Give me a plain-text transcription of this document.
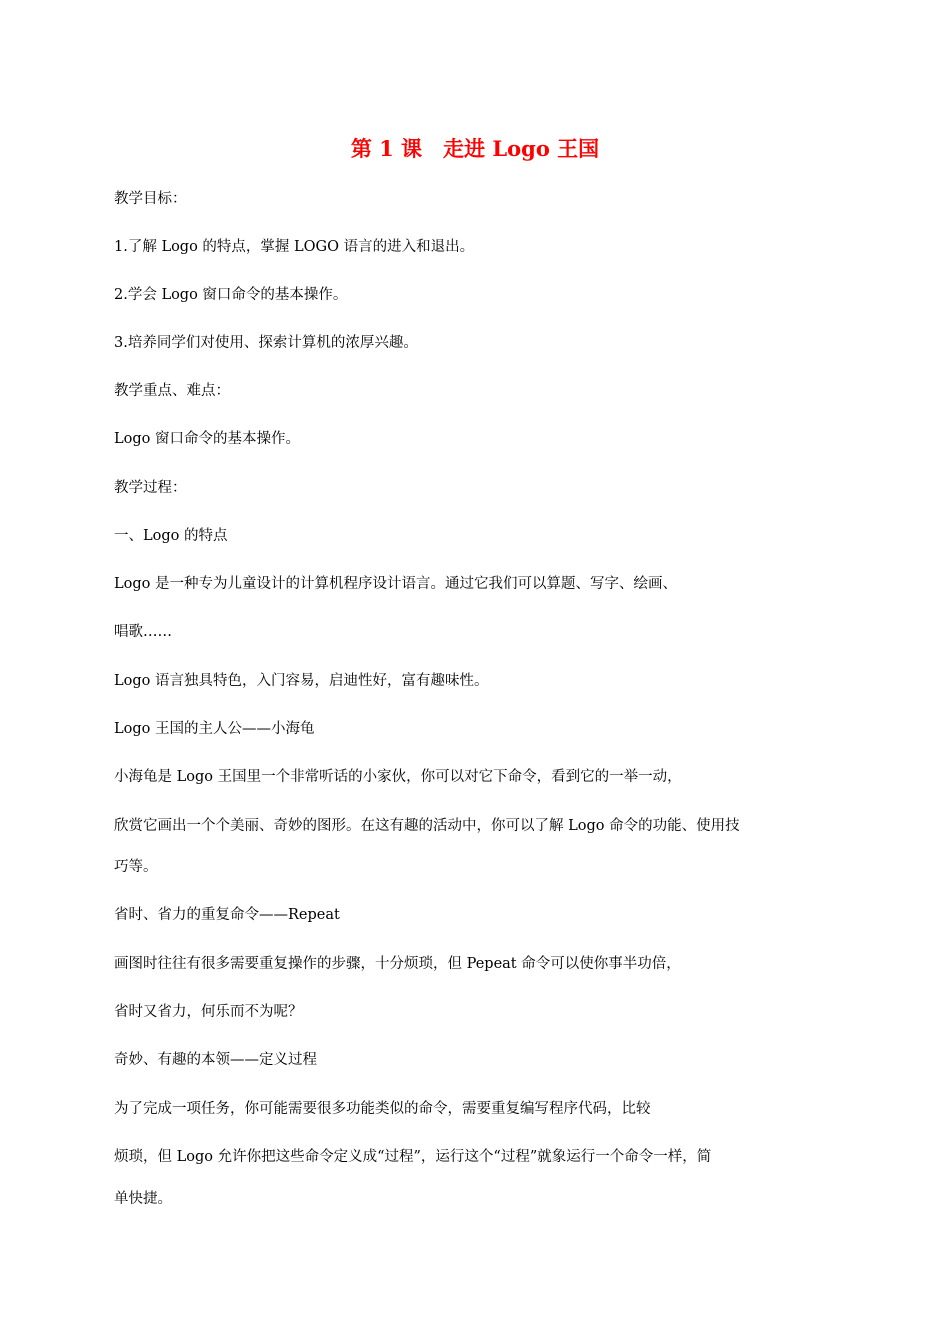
第 1 课　走进 Logo 王国
教学目标：
1.了解 Logo 的特点，掌握 LOGO 语言的进入和退出。
2.学会 Logo 窗口命令的基本操作。
3.培养同学们对使用、探索计算机的浓厚兴趣。
教学重点、难点：
Logo 窗口命令的基本操作。
教学过程：
一、Logo 的特点
Logo 是一种专为儿童设计的计算机程序设计语言。通过它我们可以算题、写字、绘画、
唱歌……
Logo 语言独具特色，入门容易，启迪性好，富有趣味性。
Logo 王国的主人公——小海龟
小海龟是 Logo 王国里一个非常听话的小家伙，你可以对它下命令，看到它的一举一动，
欣赏它画出一个个美丽、奇妙的图形。在这有趣的活动中，你可以了解 Logo 命令的功能、使用技
巧等。
省时、省力的重复命令——Repeat
画图时往往有很多需要重复操作的步骤，十分烦琐，但 Pepeat 命令可以使你事半功倍，
省时又省力，何乐而不为呢？
奇妙、有趣的本领——定义过程
为了完成一项任务，你可能需要很多功能类似的命令，需要重复编写程序代码，比较
烦琐，但 Logo 允许你把这些命令定义成“过程”，运行这个“过程”就象运行一个命令一样，简
单快捷。
